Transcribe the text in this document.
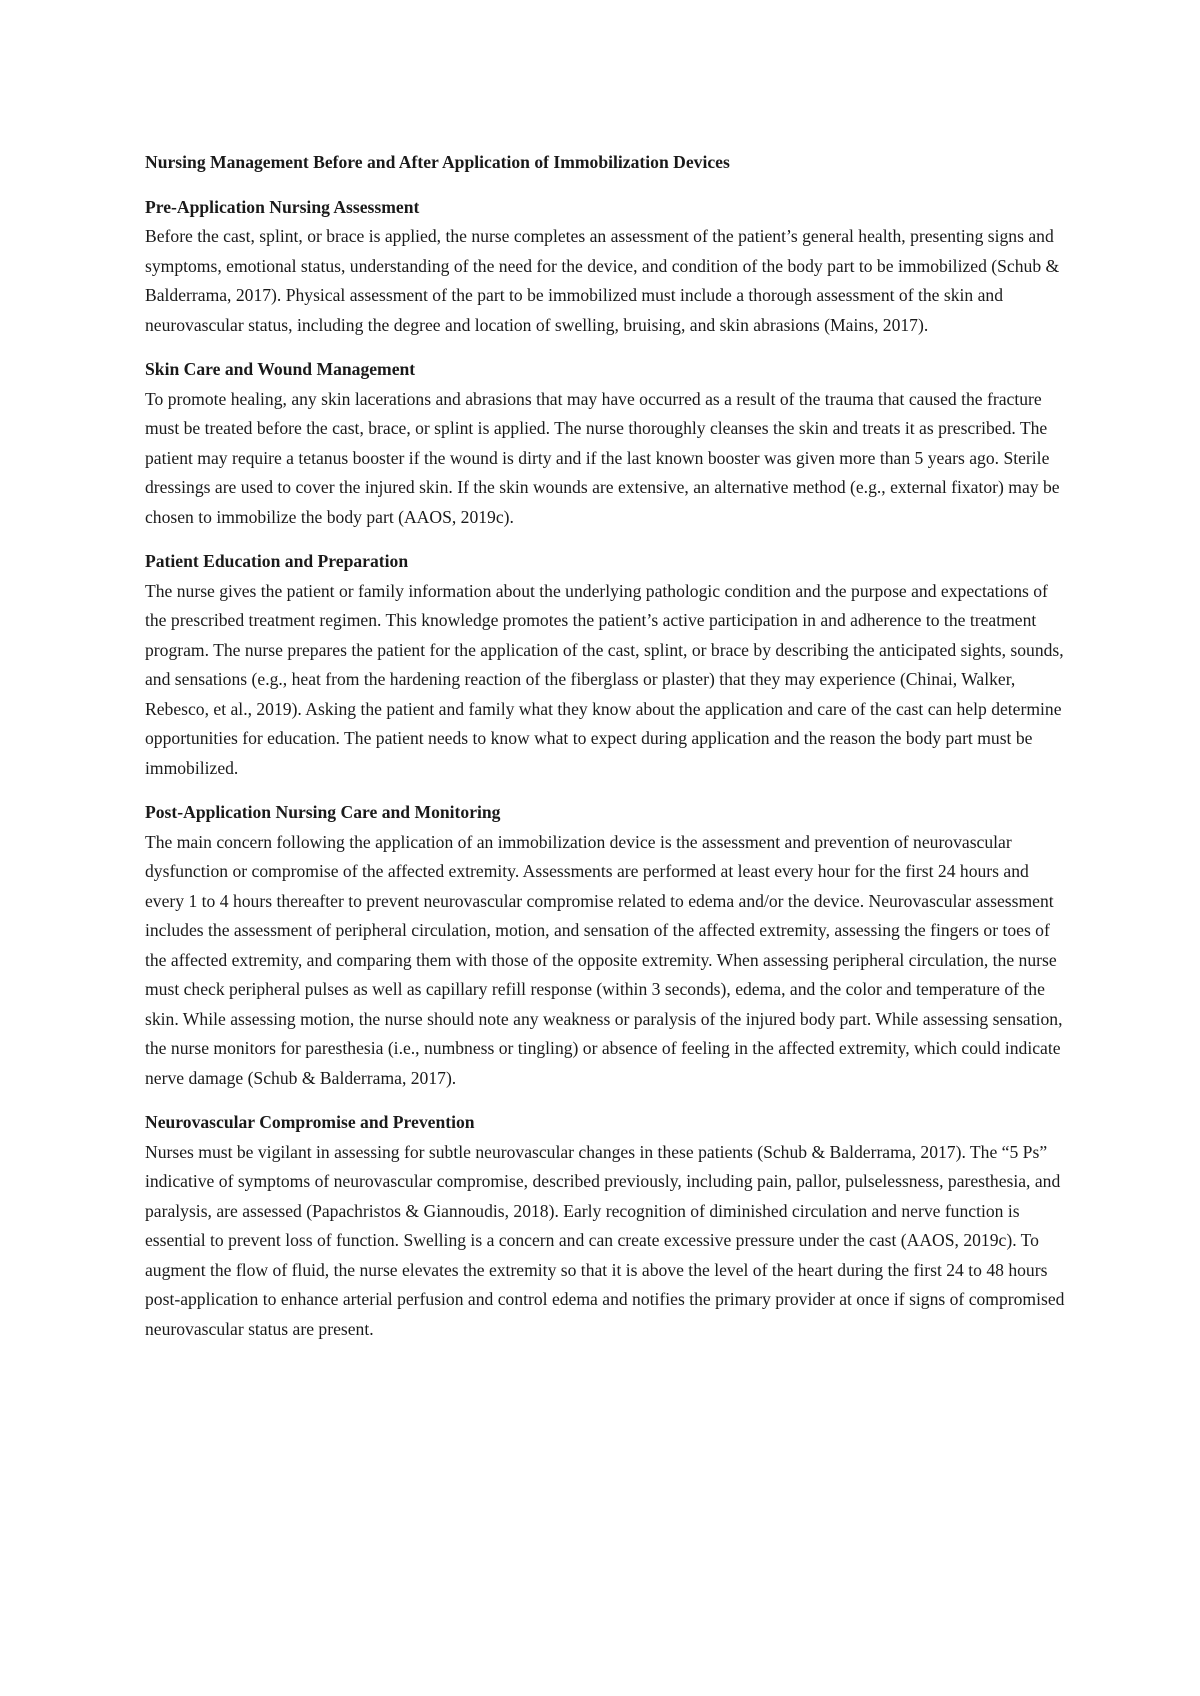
Nursing Management Before and After Application of Immobilization Devices

Pre-Application Nursing Assessment

Before the cast, splint, or brace is applied, the nurse completes an assessment of the patient’s general health, presenting signs and symptoms, emotional status, understanding of the need for the device, and condition of the body part to be immobilized (Schub & Balderrama, 2017). Physical assessment of the part to be immobilized must include a thorough assessment of the skin and neurovascular status, including the degree and location of swelling, bruising, and skin abrasions (Mains, 2017).

Skin Care and Wound Management

To promote healing, any skin lacerations and abrasions that may have occurred as a result of the trauma that caused the fracture must be treated before the cast, brace, or splint is applied. The nurse thoroughly cleanses the skin and treats it as prescribed. The patient may require a tetanus booster if the wound is dirty and if the last known booster was given more than 5 years ago. Sterile dressings are used to cover the injured skin. If the skin wounds are extensive, an alternative method (e.g., external fixator) may be chosen to immobilize the body part (AAOS, 2019c).

Patient Education and Preparation

The nurse gives the patient or family information about the underlying pathologic condition and the purpose and expectations of the prescribed treatment regimen. This knowledge promotes the patient’s active participation in and adherence to the treatment program. The nurse prepares the patient for the application of the cast, splint, or brace by describing the anticipated sights, sounds, and sensations (e.g., heat from the hardening reaction of the fiberglass or plaster) that they may experience (Chinai, Walker, Rebesco, et al., 2019). Asking the patient and family what they know about the application and care of the cast can help determine opportunities for education. The patient needs to know what to expect during application and the reason the body part must be immobilized.

Post-Application Nursing Care and Monitoring

The main concern following the application of an immobilization device is the assessment and prevention of neurovascular dysfunction or compromise of the affected extremity. Assessments are performed at least every hour for the first 24 hours and every 1 to 4 hours thereafter to prevent neurovascular compromise related to edema and/or the device. Neurovascular assessment includes the assessment of peripheral circulation, motion, and sensation of the affected extremity, assessing the fingers or toes of the affected extremity, and comparing them with those of the opposite extremity. When assessing peripheral circulation, the nurse must check peripheral pulses as well as capillary refill response (within 3 seconds), edema, and the color and temperature of the skin. While assessing motion, the nurse should note any weakness or paralysis of the injured body part. While assessing sensation, the nurse monitors for paresthesia (i.e., numbness or tingling) or absence of feeling in the affected extremity, which could indicate nerve damage (Schub & Balderrama, 2017).

Neurovascular Compromise and Prevention

Nurses must be vigilant in assessing for subtle neurovascular changes in these patients (Schub & Balderrama, 2017). The “5 Ps” indicative of symptoms of neurovascular compromise, described previously, including pain, pallor, pulselessness, paresthesia, and paralysis, are assessed (Papachristos & Giannoudis, 2018). Early recognition of diminished circulation and nerve function is essential to prevent loss of function. Swelling is a concern and can create excessive pressure under the cast (AAOS, 2019c). To augment the flow of fluid, the nurse elevates the extremity so that it is above the level of the heart during the first 24 to 48 hours post-application to enhance arterial perfusion and control edema and notifies the primary provider at once if signs of compromised neurovascular status are present.
